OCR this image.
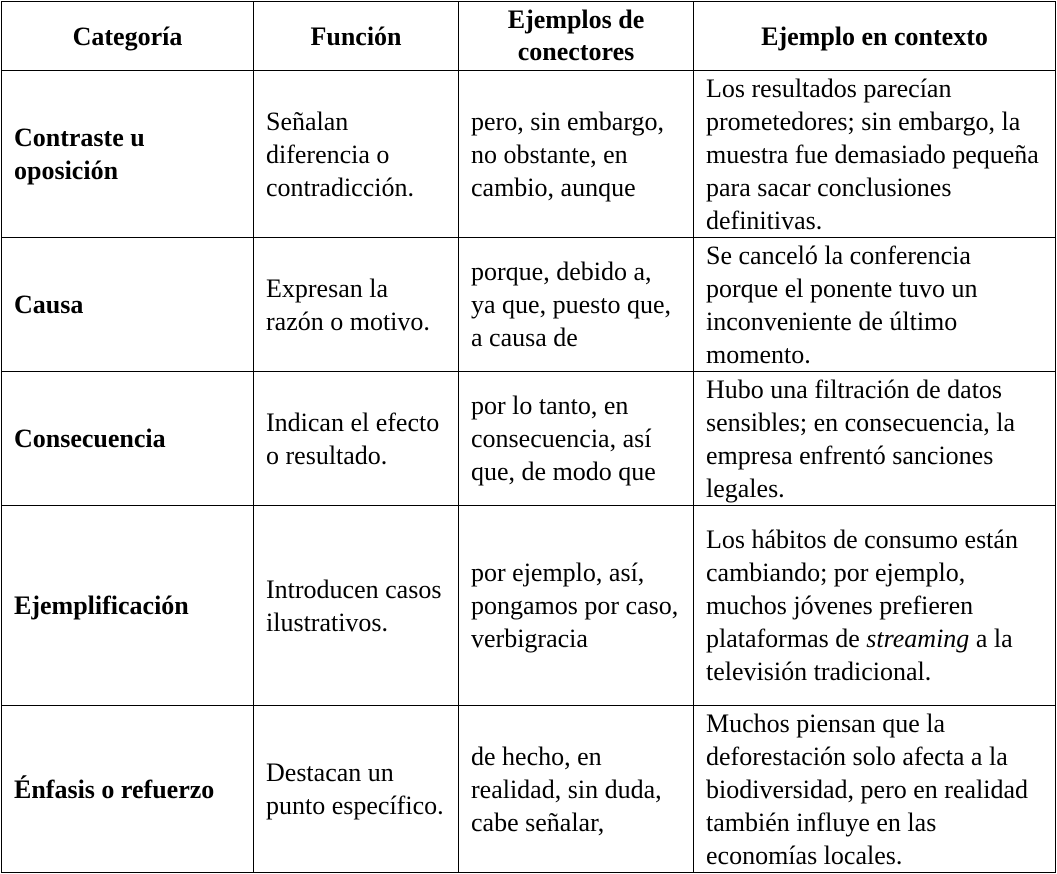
Categoría	Función	Ejemplos de conectores	Ejemplo en contexto
Contraste u oposición	Señalan diferencia o contradicción.	pero, sin embargo, no obstante, en cambio, aunque	Los resultados parecían prometedores; sin embargo, la muestra fue demasiado pequeña para sacar conclusiones definitivas.
Causa	Expresan la razón o motivo.	porque, debido a, ya que, puesto que, a causa de	Se canceló la conferencia porque el ponente tuvo un inconveniente de último momento.
Consecuencia	Indican el efecto o resultado.	por lo tanto, en consecuencia, así que, de modo que	Hubo una filtración de datos sensibles; en consecuencia, la empresa enfrentó sanciones legales.
Ejemplificación	Introducen casos ilustrativos.	por ejemplo, así, pongamos por caso, verbigracia	Los hábitos de consumo están cambiando; por ejemplo, muchos jóvenes prefieren plataformas de streaming a la televisión tradicional.
Énfasis o refuerzo	Destacan un punto específico.	de hecho, en realidad, sin duda, cabe señalar,	Muchos piensan que la deforestación solo afecta a la biodiversidad, pero en realidad también influye en las economías locales.
